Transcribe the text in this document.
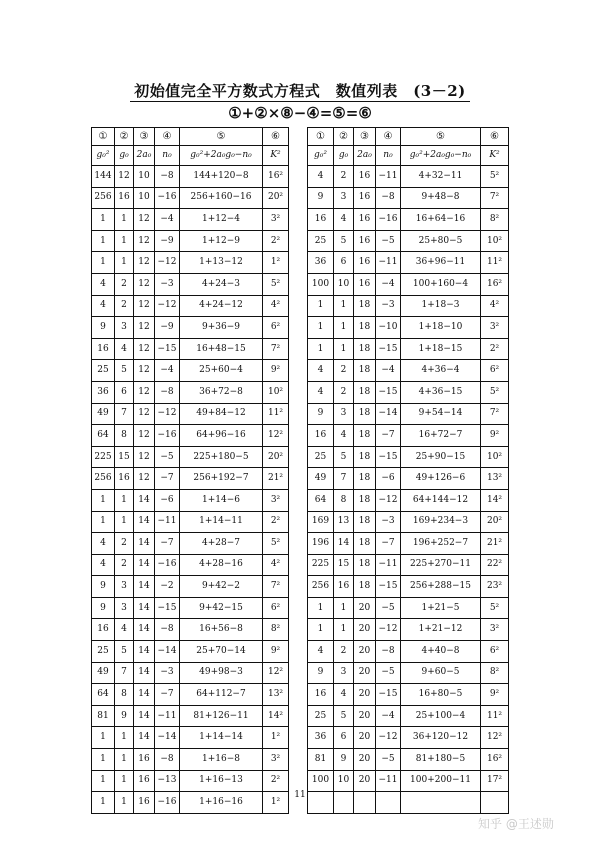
初始值完全平方数式方程式　数值列表　(3－2)
①+②×⑧−④=⑤=⑥
①	②	③	④	⑤	⑥
g₀²	g₀	2a₀	n₀	g₀²+2a₀g₀−n₀	K²
144	12	10	−8	144+120−8	16²
256	16	10	−16	256+160−16	20²
1	1	12	−4	1+12−4	3²
1	1	12	−9	1+12−9	2²
1	1	12	−12	1+13−12	1²
4	2	12	−3	4+24−3	5²
4	2	12	−12	4+24−12	4²
9	3	12	−9	9+36−9	6²
16	4	12	−15	16+48−15	7²
25	5	12	−4	25+60−4	9²
36	6	12	−8	36+72−8	10²
49	7	12	−12	49+84−12	11²
64	8	12	−16	64+96−16	12²
225	15	12	−5	225+180−5	20²
256	16	12	−7	256+192−7	21²
1	1	14	−6	1+14−6	3²
1	1	14	−11	1+14−11	2²
4	2	14	−7	4+28−7	5²
4	2	14	−16	4+28−16	4²
9	3	14	−2	9+42−2	7²
9	3	14	−15	9+42−15	6²
16	4	14	−8	16+56−8	8²
25	5	14	−14	25+70−14	9²
49	7	14	−3	49+98−3	12²
64	8	14	−7	64+112−7	13²
81	9	14	−11	81+126−11	14²
1	1	14	−14	1+14−14	1²
1	1	16	−8	1+16−8	3²
1	1	16	−13	1+16−13	2²
1	1	16	−16	1+16−16	1²
①	②	③	④	⑤	⑥
g₀²	g₀	2a₀	n₀	g₀²+2a₀g₀−n₀	K²
4	2	16	−11	4+32−11	5²
9	3	16	−8	9+48−8	7²
16	4	16	−16	16+64−16	8²
25	5	16	−5	25+80−5	10²
36	6	16	−11	36+96−11	11²
100	10	16	−4	100+160−4	16²
1	1	18	−3	1+18−3	4²
1	1	18	−10	1+18−10	3²
1	1	18	−15	1+18−15	2²
4	2	18	−4	4+36−4	6²
4	2	18	−15	4+36−15	5²
9	3	18	−14	9+54−14	7²
16	4	18	−7	16+72−7	9²
25	5	18	−15	25+90−15	10²
49	7	18	−6	49+126−6	13²
64	8	18	−12	64+144−12	14²
169	13	18	−3	169+234−3	20²
196	14	18	−7	196+252−7	21²
225	15	18	−11	225+270−11	22²
256	16	18	−15	256+288−15	23²
1	1	20	−5	1+21−5	5²
1	1	20	−12	1+21−12	3²
4	2	20	−8	4+40−8	6²
9	3	20	−5	9+60−5	8²
16	4	20	−15	16+80−5	9²
25	5	20	−4	25+100−4	11²
36	6	20	−12	36+120−12	12²
81	9	20	−5	81+180−5	16²
100	10	20	−11	100+200−11	17²

11
知乎 @王述勋
